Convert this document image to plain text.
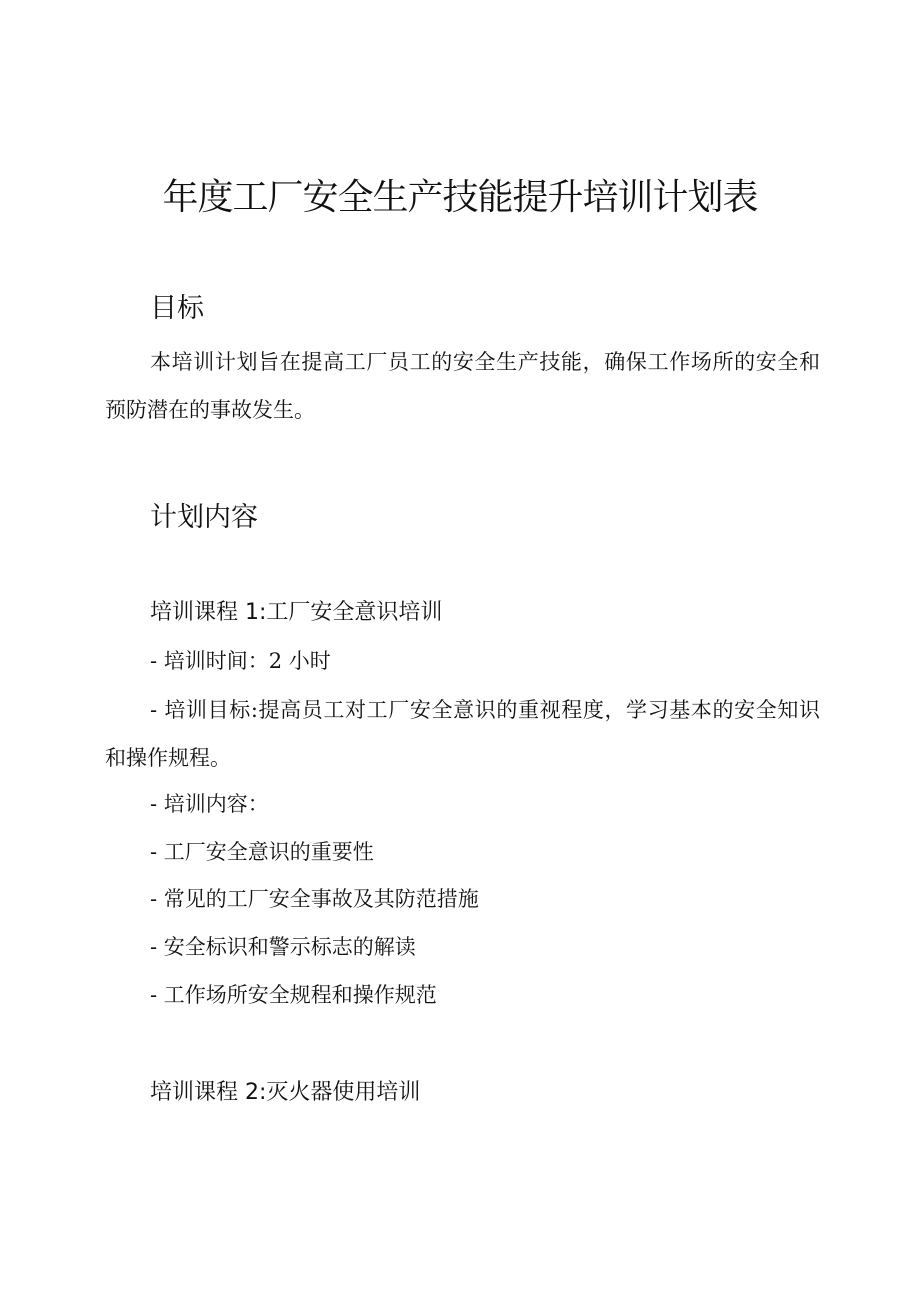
年度工厂安全生产技能提升培训计划表
目标

本培训计划旨在提高工厂员工的安全生产技能，确保工作场所的安全和预防潜在的事故发生。

计划内容
培训课程 1:工厂安全意识培训

- 培训时间：2 小时

- 培训目标:提高员工对工厂安全意识的重视程度，学习基本的安全知识和操作规程。

- 培训内容：

- 工厂安全意识的重要性

- 常见的工厂安全事故及其防范措施

- 安全标识和警示标志的解读

- 工作场所安全规程和操作规范

培训课程 2:灭火器使用培训
